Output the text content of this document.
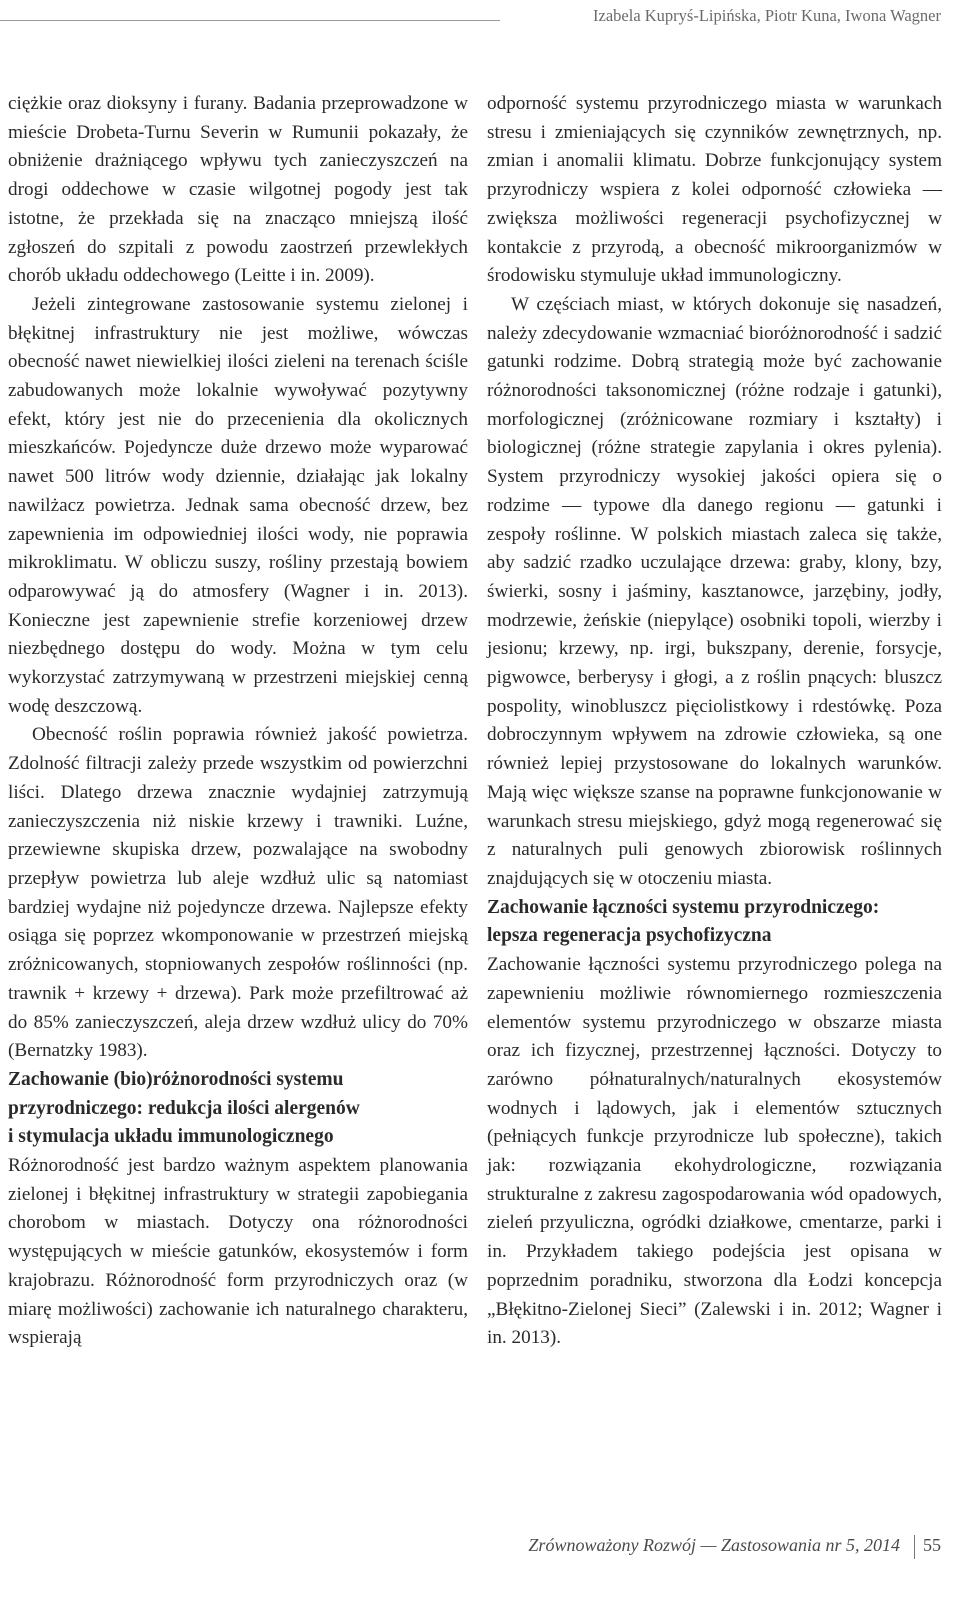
Izabela Kupryś-Lipińska, Piotr Kuna, Iwona Wagner

ciężkie oraz dioksyny i furany. Badania przeprowadzone w mieście Drobeta-Turnu Severin w Rumunii pokazały, że obniżenie drażniącego wpływu tych zanieczyszczeń na drogi oddechowe w czasie wilgotnej pogody jest tak istotne, że przekłada się na znacząco mniejszą ilość zgłoszeń do szpitali z powodu zaostrzeń przewlekłych chorób układu oddechowego (Leitte i in. 2009).

Jeżeli zintegrowane zastosowanie systemu zielonej i błękitnej infrastruktury nie jest możliwe, wówczas obecność nawet niewielkiej ilości zieleni na terenach ściśle zabudowanych może lokalnie wywoływać pozytywny efekt, który jest nie do przecenienia dla okolicznych mieszkańców. Pojedyncze duże drzewo może wyparować nawet 500 litrów wody dziennie, działając jak lokalny nawilżacz powietrza. Jednak sama obecność drzew, bez zapewnienia im odpowiedniej ilości wody, nie poprawia mikroklimatu. W obliczu suszy, rośliny przestają bowiem odparowywać ją do atmosfery (Wagner i in. 2013). Konieczne jest zapewnienie strefie korzeniowej drzew niezbędnego dostępu do wody. Można w tym celu wykorzystać zatrzymywaną w przestrzeni miejskiej cenną wodę deszczową.

Obecność roślin poprawia również jakość powietrza. Zdolność filtracji zależy przede wszystkim od powierzchni liści. Dlatego drzewa znacznie wydajniej zatrzymują zanieczyszczenia niż niskie krzewy i trawniki. Luźne, przewiewne skupiska drzew, pozwalające na swobodny przepływ powietrza lub aleje wzdłuż ulic są natomiast bardziej wydajne niż pojedyncze drzewa. Najlepsze efekty osiąga się poprzez wkomponowanie w przestrzeń miejską zróżnicowanych, stopniowanych zespołów roślinności (np. trawnik + krzewy + drzewa). Park może przefiltrować aż do 85% zanieczyszczeń, aleja drzew wzdłuż ulicy do 70% (Bernatzky 1983).

Zachowanie (bio)różnorodności systemu
przyrodniczego: redukcja ilości alergenów
i stymulacja układu immunologicznego

Różnorodność jest bardzo ważnym aspektem planowania zielonej i błękitnej infrastruktury w strategii zapobiegania chorobom w miastach. Dotyczy ona różnorodności występujących w mieście gatunków, ekosystemów i form krajobrazu. Różnorodność form przyrodniczych oraz (w miarę możliwości) zachowanie ich naturalnego charakteru, wspierają

odporność systemu przyrodniczego miasta w warunkach stresu i zmieniających się czynników zewnętrznych, np. zmian i anomalii klimatu. Dobrze funkcjonujący system przyrodniczy wspiera z kolei odporność człowieka — zwiększa możliwości regeneracji psychofizycznej w kontakcie z przyrodą, a obecność mikroorganizmów w środowisku stymuluje układ immunologiczny.

W częściach miast, w których dokonuje się nasadzeń, należy zdecydowanie wzmacniać bioróżnorodność i sadzić gatunki rodzime. Dobrą strategią może być zachowanie różnorodności taksonomicznej (różne rodzaje i gatunki), morfologicznej (zróżnicowane rozmiary i kształty) i biologicznej (różne strategie zapylania i okres pylenia). System przyrodniczy wysokiej jakości opiera się o rodzime — typowe dla danego regionu — gatunki i zespoły roślinne. W polskich miastach zaleca się także, aby sadzić rzadko uczulające drzewa: graby, klony, bzy, świerki, sosny i jaśminy, kasztanowce, jarzębiny, jodły, modrzewie, żeńskie (niepylące) osobniki topoli, wierzby i jesionu; krzewy, np. irgi, bukszpany, derenie, forsycje, pigwowce, berberysy i głogi, a z roślin pnących: bluszcz pospolity, winobluszcz pięciolistkowy i rdestówkę. Poza dobroczynnym wpływem na zdrowie człowieka, są one również lepiej przystosowane do lokalnych warunków. Mają więc większe szanse na poprawne funkcjonowanie w warunkach stresu miejskiego, gdyż mogą regenerować się z naturalnych puli genowych zbiorowisk roślinnych znajdujących się w otoczeniu miasta.

Zachowanie łączności systemu przyrodniczego:
lepsza regeneracja psychofizyczna

Zachowanie łączności systemu przyrodniczego polega na zapewnieniu możliwie równomiernego rozmieszczenia elementów systemu przyrodniczego w obszarze miasta oraz ich fizycznej, przestrzennej łączności. Dotyczy to zarówno półnaturalnych/naturalnych ekosystemów wodnych i lądowych, jak i elementów sztucznych (pełniących funkcje przyrodnicze lub społeczne), takich jak: rozwiązania ekohydrologiczne, rozwiązania strukturalne z zakresu zagospodarowania wód opadowych, zieleń przyuliczna, ogródki działkowe, cmentarze, parki i in. Przykładem takiego podejścia jest opisana w poprzednim poradniku, stworzona dla Łodzi koncepcja „Błękitno-Zielonej Sieci” (Zalewski i in. 2012; Wagner i in. 2013).

Zrównoważony Rozwój — Zastosowania nr 5, 2014 55
